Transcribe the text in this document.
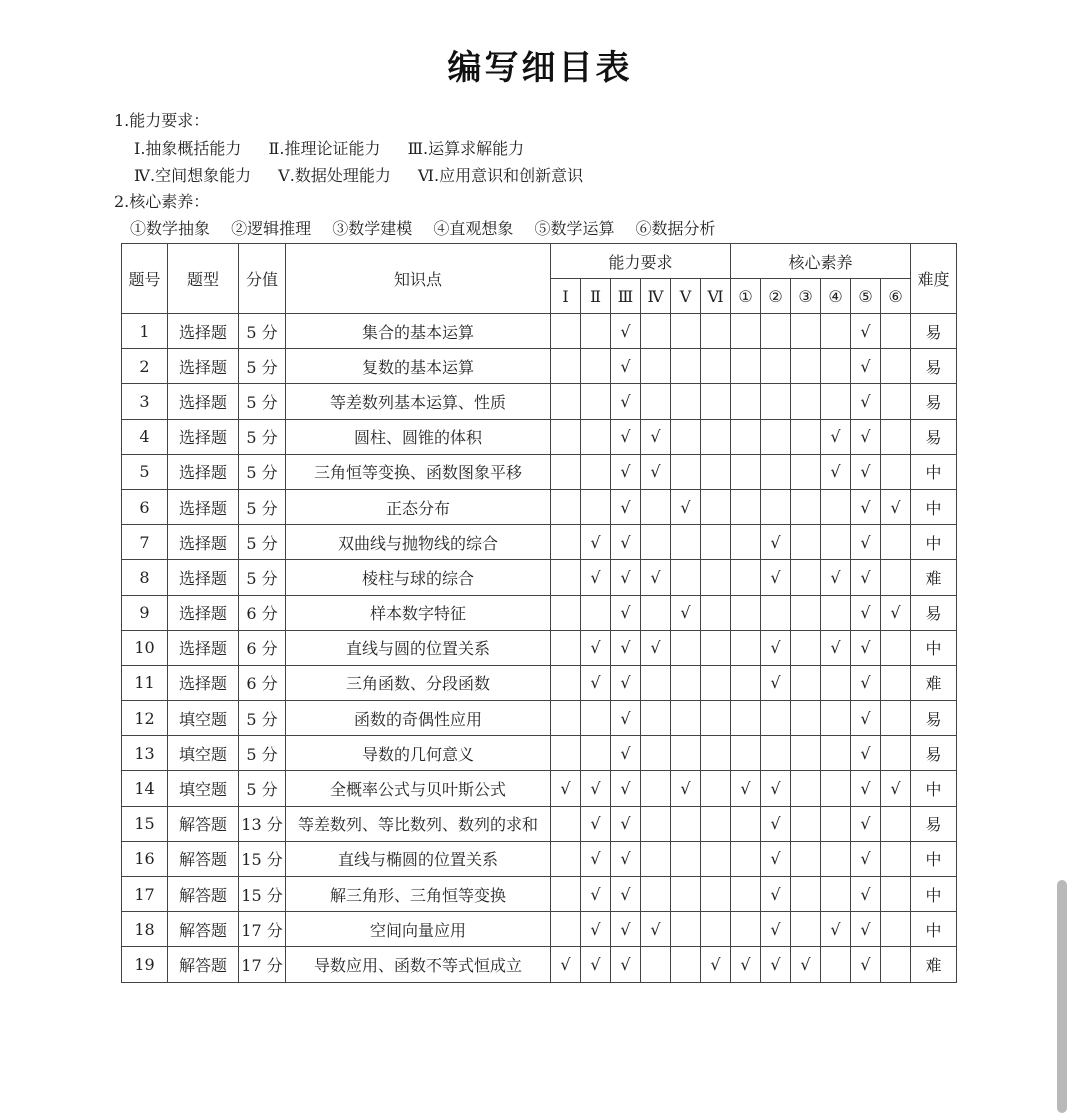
编写细目表
1.能力要求：
Ⅰ.抽象概括能力 Ⅱ.推理论证能力 Ⅲ.运算求解能力
Ⅳ.空间想象能力 Ⅴ.数据处理能力 Ⅵ.应用意识和创新意识
2.核心素养：
①数学抽象 ②逻辑推理 ③数学建模 ④直观想象 ⑤数学运算 ⑥数据分析
题号	题型	分值	知识点	能力要求						核心素养						难度
				Ⅰ	Ⅱ	Ⅲ	Ⅳ	Ⅴ	Ⅵ	①	②	③	④	⑤	⑥	
1	选择题	5 分	集合的基本运算			√								√		易
2	选择题	5 分	复数的基本运算			√								√		易
3	选择题	5 分	等差数列基本运算、性质			√								√		易
4	选择题	5 分	圆柱、圆锥的体积			√	√						√	√		易
5	选择题	5 分	三角恒等变换、函数图象平移			√	√						√	√		中
6	选择题	5 分	正态分布			√		√						√	√	中
7	选择题	5 分	双曲线与抛物线的综合		√	√					√			√		中
8	选择题	5 分	棱柱与球的综合		√	√	√				√		√	√		难
9	选择题	6 分	样本数字特征			√		√						√	√	易
10	选择题	6 分	直线与圆的位置关系		√	√	√				√		√	√		中
11	选择题	6 分	三角函数、分段函数		√	√					√			√		难
12	填空题	5 分	函数的奇偶性应用			√								√		易
13	填空题	5 分	导数的几何意义			√								√		易
14	填空题	5 分	全概率公式与贝叶斯公式	√	√	√		√		√	√			√	√	中
15	解答题	13 分	等差数列、等比数列、数列的求和		√	√					√			√		易
16	解答题	15 分	直线与椭圆的位置关系		√	√					√			√		中
17	解答题	15 分	解三角形、三角恒等变换		√	√					√			√		中
18	解答题	17 分	空间向量应用		√	√	√				√		√	√		中
19	解答题	17 分	导数应用、函数不等式恒成立	√	√	√			√	√	√	√		√		难
